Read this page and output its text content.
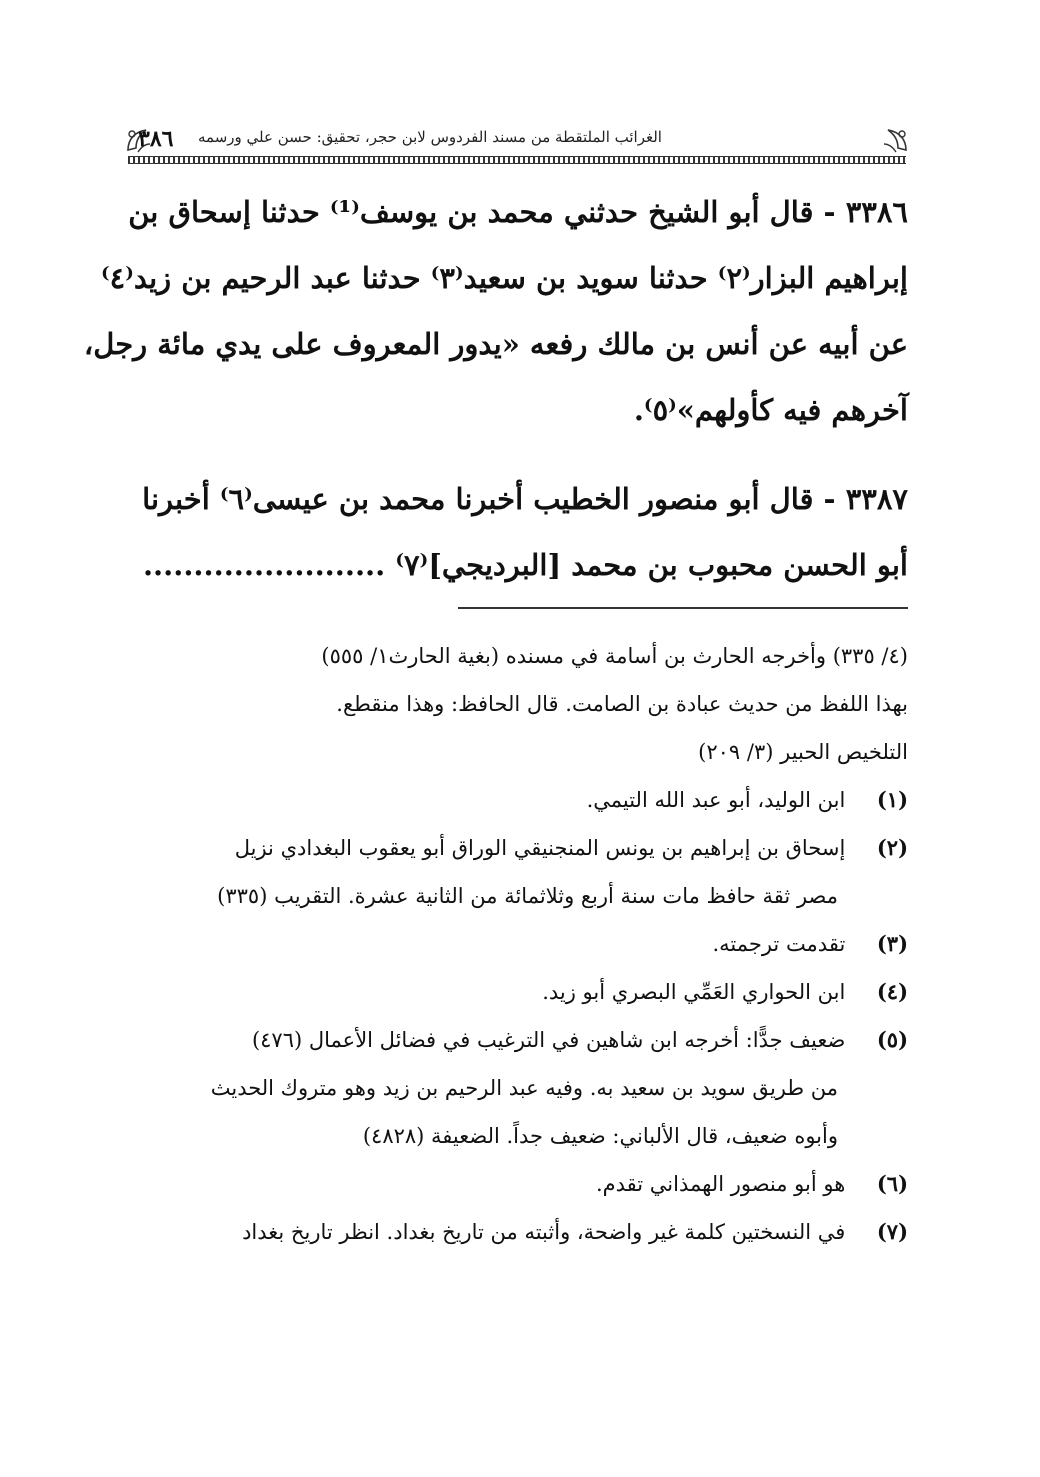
٣٨٦ الغرائب الملتقطة من مسند الفردوس لابن حجر، تحقيق: حسن علي ورسمه
٣٣٨٦ - قال أبو الشيخ حدثني محمد بن يوسف⁽¹⁾ حدثنا إسحاق بن
إبراهيم البزار⁽٢⁾ حدثنا سويد بن سعيد⁽٣⁾ حدثنا عبد الرحيم بن زيد⁽٤⁾
عن أبيه عن أنس بن مالك رفعه «يدور المعروف على يدي مائة رجل،
آخرهم فيه كأولهم»⁽٥⁾.
٣٣٨٧ - قال أبو منصور الخطيب أخبرنا محمد بن عيسى⁽٦⁾ أخبرنا
أبو الحسن محبوب بن محمد [البرديجي]⁽٧⁾ ........................
(٤/ ٣٣٥) وأخرجه الحارث بن أسامة في مسنده (بغية الحارث١/ ٥٥٥)
بهذا اللفظ من حديث عبادة بن الصامت. قال الحافظ: وهذا منقطع.
التلخيص الحبير (٣/ ٢٠٩)
(١) ابن الوليد، أبو عبد الله التيمي.
(٢) إسحاق بن إبراهيم بن يونس المنجنيقي الوراق أبو يعقوب البغدادي نزيل
مصر ثقة حافظ مات سنة أربع وثلاثمائة من الثانية عشرة. التقريب (٣٣٥)
(٣) تقدمت ترجمته.
(٤) ابن الحواري العَمِّي البصري أبو زيد.
(٥) ضعيف جدًّا: أخرجه ابن شاهين في الترغيب في فضائل الأعمال (٤٧٦)
من طريق سويد بن سعيد به. وفيه عبد الرحيم بن زيد وهو متروك الحديث
وأبوه ضعيف، قال الألباني: ضعيف جداً. الضعيفة (٤٨٢٨)
(٦) هو أبو منصور الهمذاني تقدم.
(٧) في النسختين كلمة غير واضحة، وأثبته من تاريخ بغداد. انظر تاريخ بغداد
